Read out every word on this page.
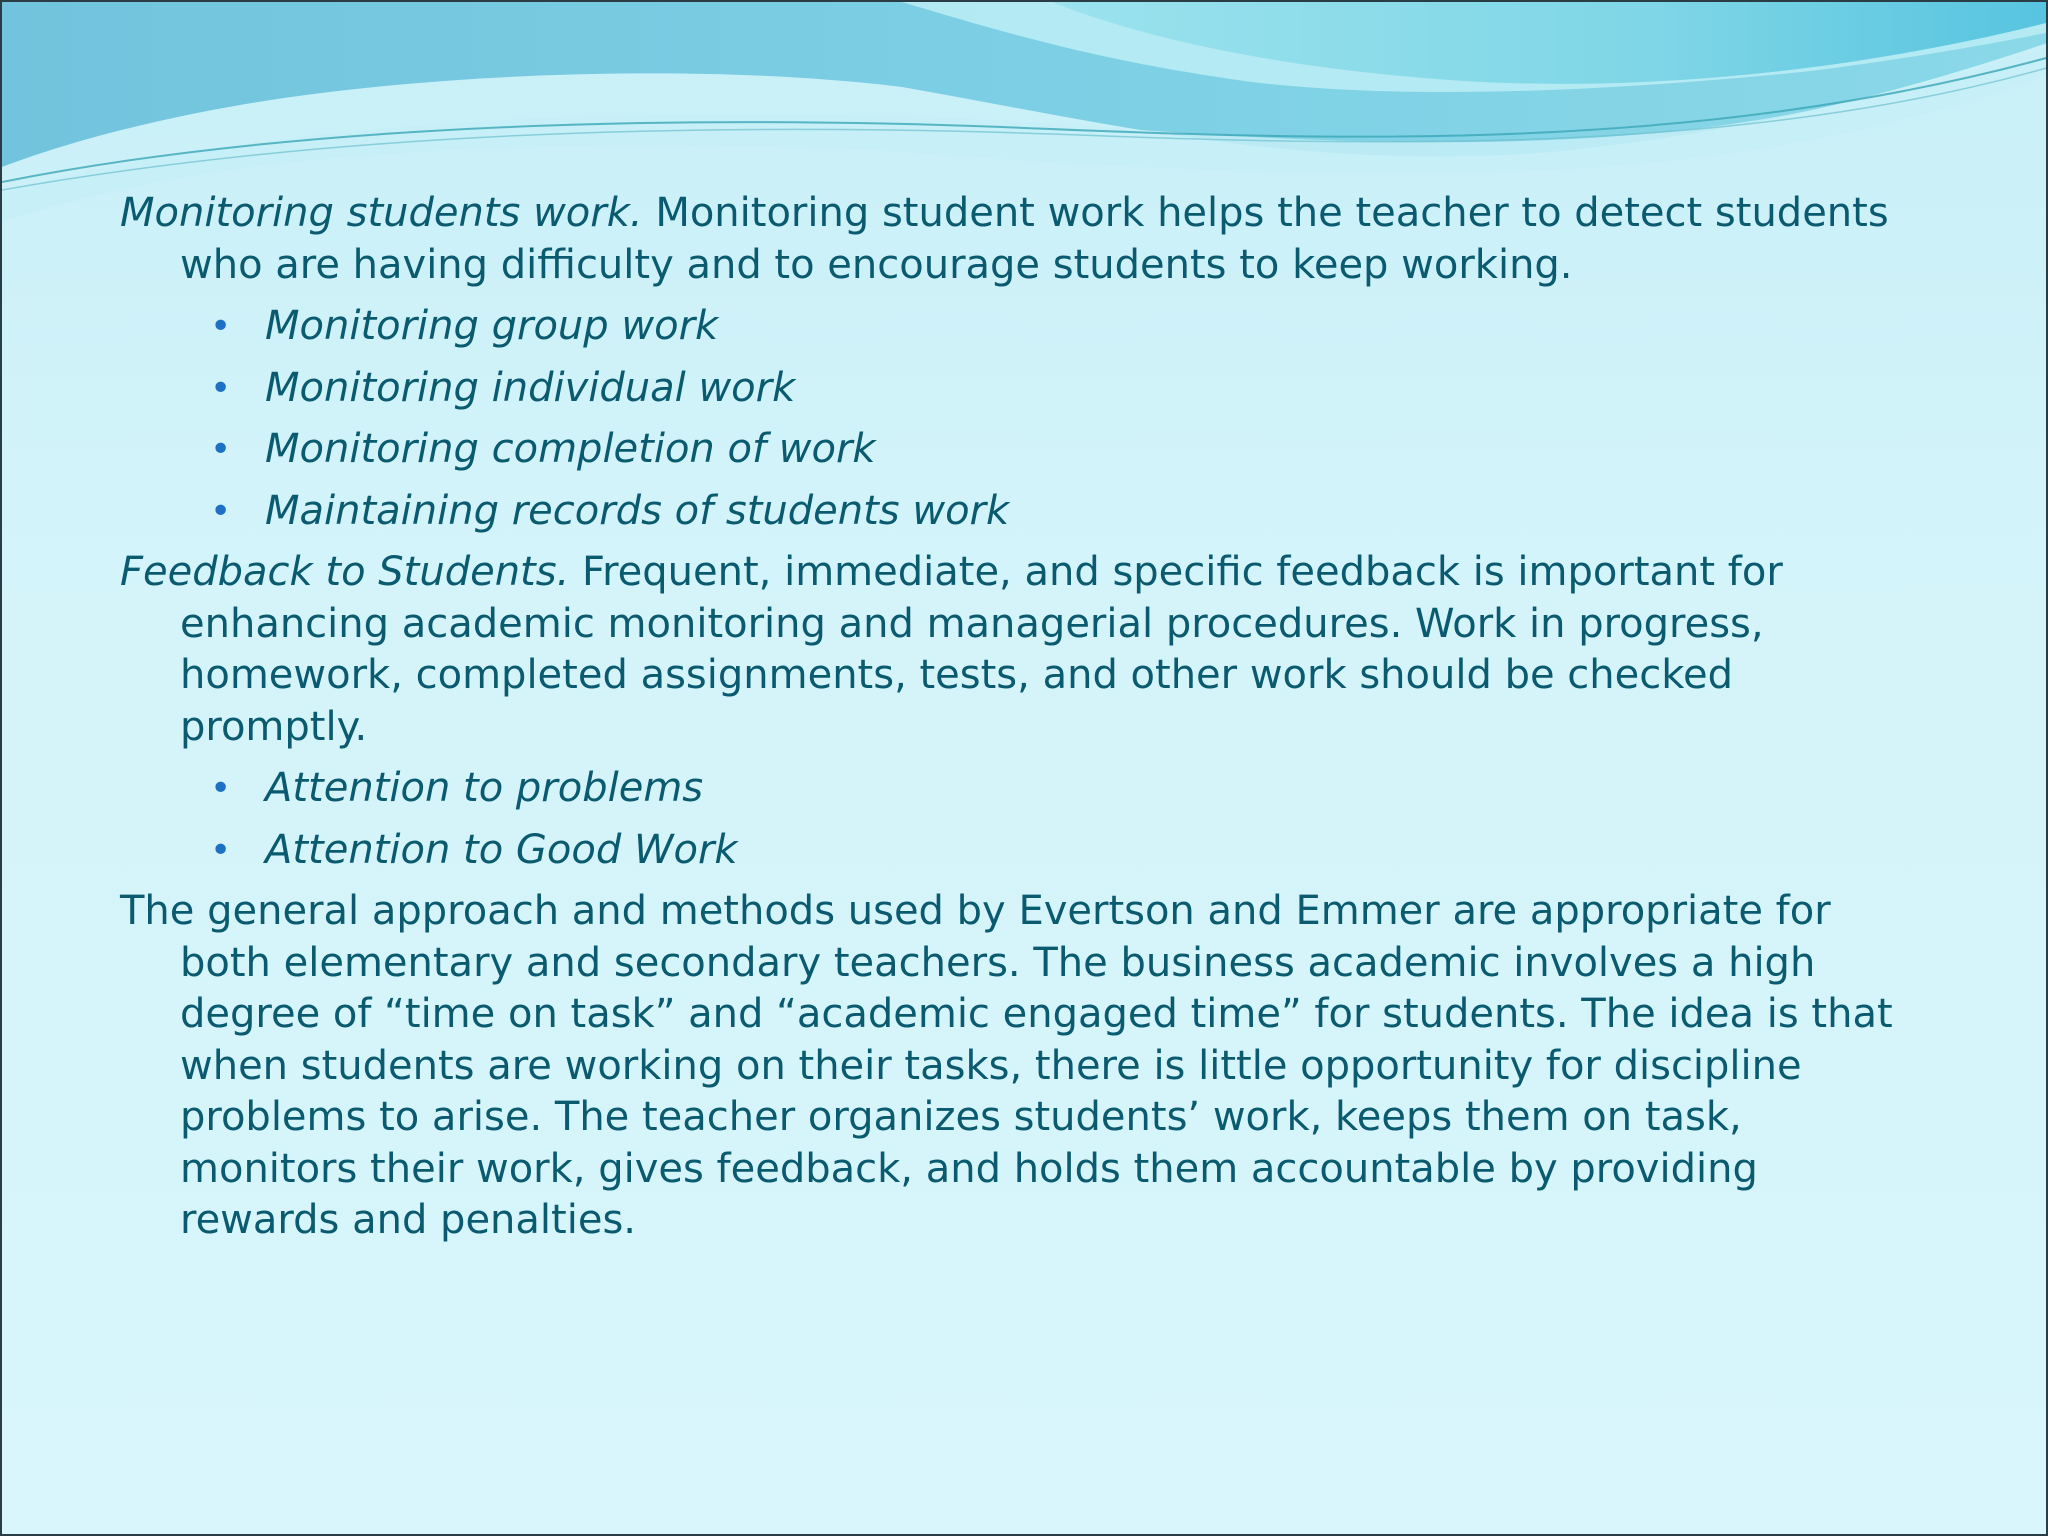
Monitoring students work. Monitoring student work helps the teacher to detect students who are having difficulty and to encourage students to keep working.

• Monitoring group work
• Monitoring individual work
• Monitoring completion of work
• Maintaining records of students work

Feedback to Students. Frequent, immediate, and specific feedback is important for enhancing academic monitoring and managerial procedures. Work in progress, homework, completed assignments, tests, and other work should be checked promptly.

• Attention to problems
• Attention to Good Work

The general approach and methods used by Evertson and Emmer are appropriate for both elementary and secondary teachers. The business academic involves a high degree of “time on task” and “academic engaged time” for students. The idea is that when students are working on their tasks, there is little opportunity for discipline problems to arise. The teacher organizes students’ work, keeps them on task, monitors their work, gives feedback, and holds them accountable by providing rewards and penalties.
